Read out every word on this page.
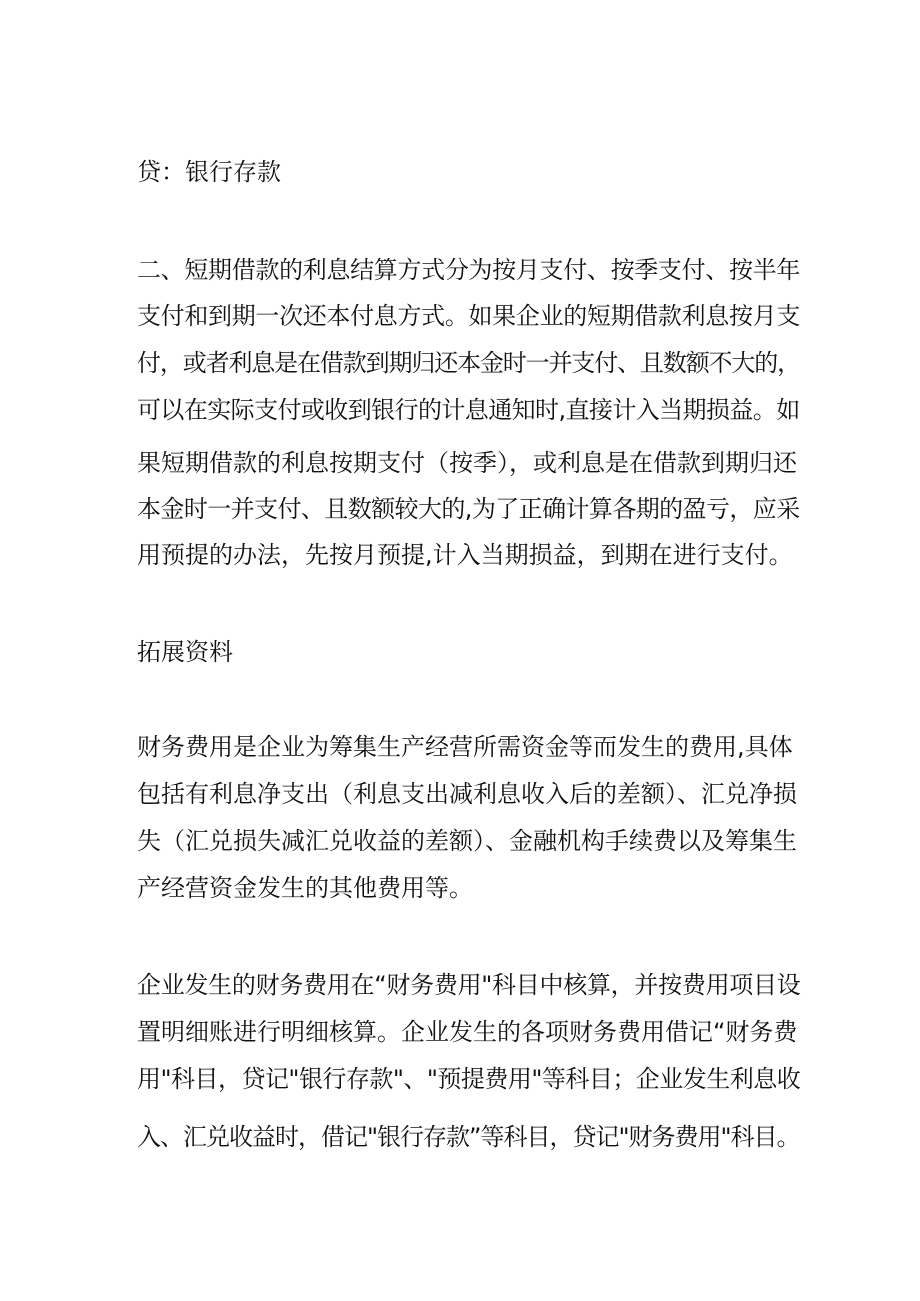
贷：银行存款
二、短期借款的利息结算方式分为按月支付、按季支付、按半年
支付和到期一次还本付息方式。如果企业的短期借款利息按月支
付，或者利息是在借款到期归还本金时一并支付、且数额不大的，
可以在实际支付或收到银行的计息通知时,直接计入当期损益。如
果短期借款的利息按期支付（按季），或利息是在借款到期归还
本金时一并支付、且数额较大的,为了正确计算各期的盈亏，应采
用预提的办法，先按月预提,计入当期损益，到期在进行支付。
拓展资料
财务费用是企业为筹集生产经营所需资金等而发生的费用,具体
包括有利息净支出（利息支出减利息收入后的差额）、汇兑净损
失（汇兑损失减汇兑收益的差额）、金融机构手续费以及筹集生
产经营资金发生的其他费用等。
企业发生的财务费用在“财务费用"科目中核算，并按费用项目设
置明细账进行明细核算。企业发生的各项财务费用借记“财务费
用"科目，贷记"银行存款"、"预提费用"等科目；企业发生利息收
入、汇兑收益时，借记"银行存款”等科目，贷记"财务费用"科目。
